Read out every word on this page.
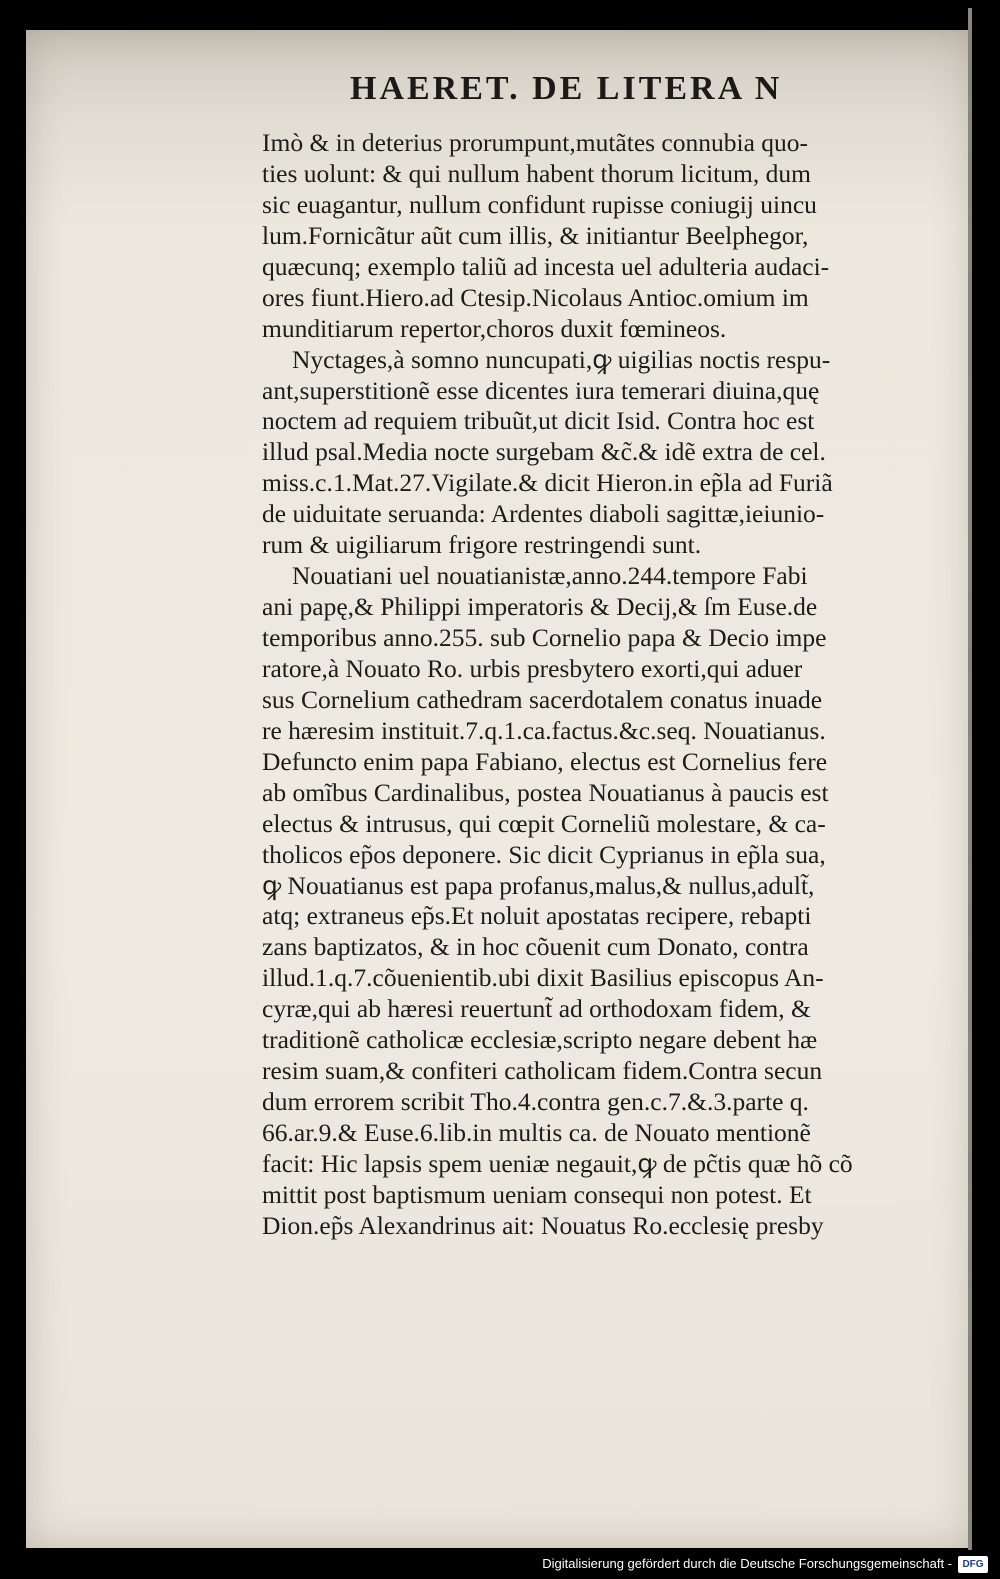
HAERET. DE LITERA N
Imò & in deterius prorumpunt,mutãtes connubia quo-
ties uolunt: & qui nullum habent thorum licitum, dum
sic euagantur, nullum confidunt rupisse coniugij uincu
lum.Fornicãtur aũt cum illis, & initiantur Beelphegor,
quæcunq; exemplo taliũ ad incesta uel adulteria audaci-
ores fiunt.Hiero.ad Ctesip.Nicolaus Antioc.omium im
munditiarum repertor,choros duxit fœmineos.
Nyctages,à somno nuncupati,ꝙ uigilias noctis respu-
ant,superstitionẽ esse dicentes iura temerari diuina,quę
noctem ad requiem tribuũt,ut dicit Isid. Contra hoc est
illud psal.Media nocte surgebam &c̃.& idẽ extra de cel.
miss.c.1.Mat.27.Vigilate.& dicit Hieron.in ep̃la ad Furiã
de uiduitate seruanda: Ardentes diaboli sagittæ,ieiunio-
rum & uigiliarum frigore restringendi sunt.
Nouatiani uel nouatianistæ,anno.244.tempore Fabi
ani papę,& Philippi imperatoris & Decij,& ſm Euse.de
temporibus anno.255. sub Cornelio papa & Decio impe
ratore,à Nouato Ro. urbis presbytero exorti,qui aduer
sus Cornelium cathedram sacerdotalem conatus inuade
re hæresim instituit.7.q.1.ca.factus.&c.seq. Nouatianus.
Defuncto enim papa Fabiano, electus est Cornelius fere
ab omĩbus Cardinalibus, postea Nouatianus à paucis est
electus & intrusus, qui cœpit Corneliũ molestare, & ca-
tholicos ep̃os deponere. Sic dicit Cyprianus in ep̃la sua,
ꝙ Nouatianus est papa profanus,malus,& nullus,adult̃,
atq; extraneus ep̃s.Et noluit apostatas recipere, rebapti
zans baptizatos, & in hoc cõuenit cum Donato, contra
illud.1.q.7.cõuenientib.ubi dixit Basilius episcopus An-
cyræ,qui ab hæresi reuertunt̃ ad orthodoxam fidem, &
traditionẽ catholicæ ecclesiæ,scripto negare debent hæ
resim suam,& confiteri catholicam fidem.Contra secun
dum errorem scribit Tho.4.contra gen.c.7.&.3.parte q.
66.ar.9.& Euse.6.lib.in multis ca. de Nouato mentionẽ
facit: Hic lapsis spem ueniæ negauit,ꝙ de pc̃tis quæ hõ cõ
mittit post baptismum ueniam consequi non potest. Et
Dion.ep̃s Alexandrinus ait: Nouatus Ro.ecclesię presby
Digitalisierung gefördert durch die Deutsche Forschungsgemeinschaft -	DFG
